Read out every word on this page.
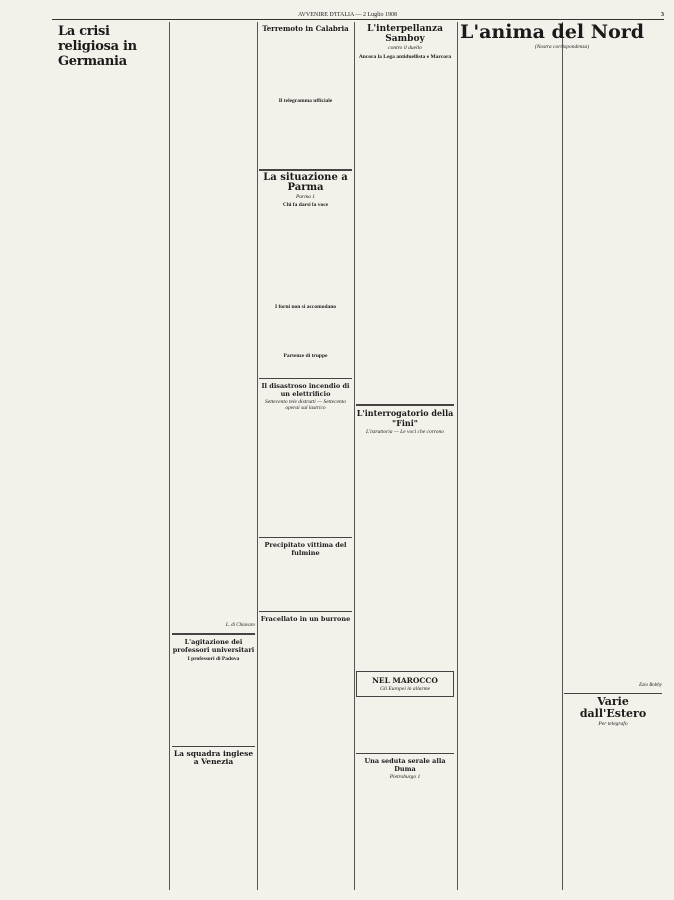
AVVENIRE D'ITALIA — 2 Luglio 1908	3
La crisi religiosa in Germania

L. di Chiavaro
L'agitazione dei professori universitari
I professori di Padova
La squadra inglese a Venezia
Terremoto in Calabria
Il telegramma ufficiale
La situazione a Parma
Parma 1
Chi fa darsi la voce
I forni non si accomodano
Partenze di truppe
Il disastroso incendio di un elettrificio
Settecento tele distrutti — Settecento operai sul lastrico
Precipitato vittima del fulmine
Fracellato in un burrone
L'interpellanza Samboy
contro il duello
Ancora la Lega antiduellista e Marcora
L'interrogatorio della "Fini"
L'istruttoria — Le voci che corrono
NEL MAROCCO
Gli Europei in allarme
Una seduta serale alla Duma
Pietroburgo 1
L'anima del Nord
(Nostra corrispondenza)
Ezio Bobby
Varie dall'Estero
Per telegrafo
